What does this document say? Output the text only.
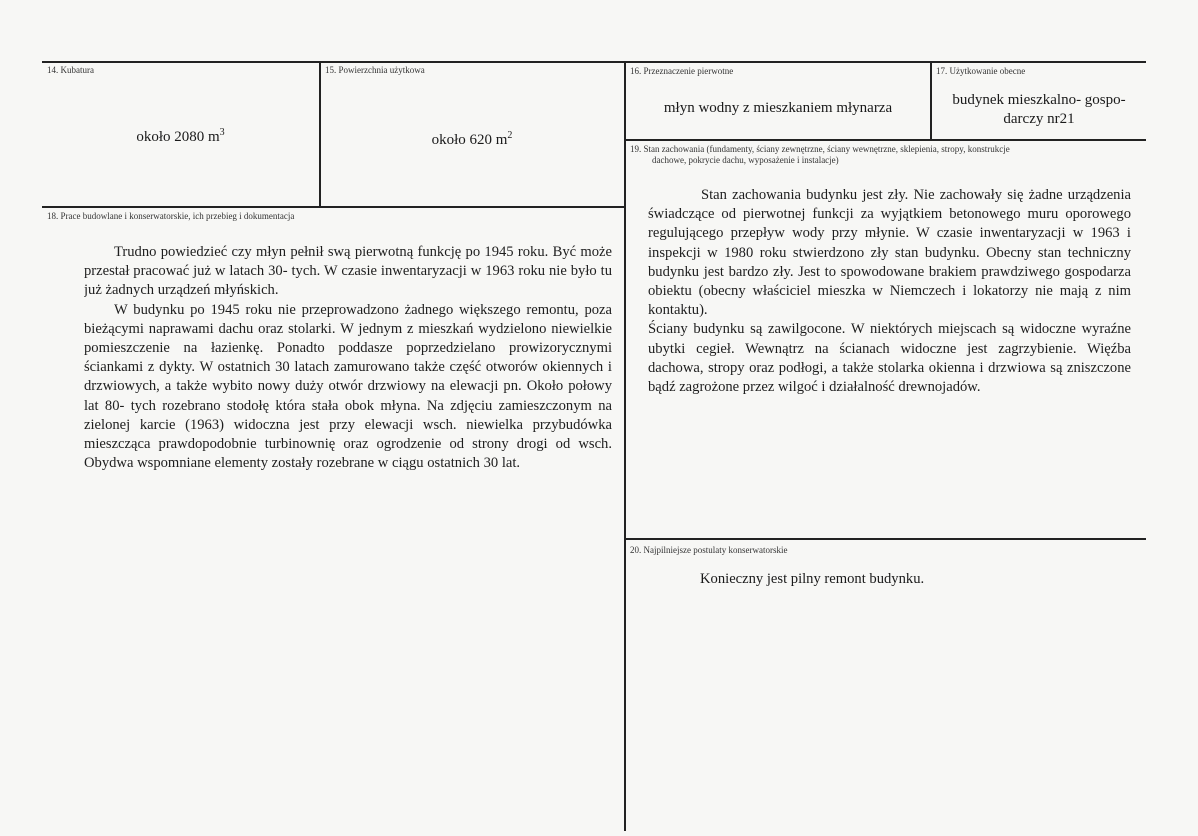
14. Kubatura
około 2080 $m^3$
15. Powierzchnia użytkowa
około 620 $m^2$
16. Przeznaczenie pierwotne
młyn wodny z mieszkaniem młynarza
17. Użytkowanie obecne
budynek mieszkalno- gospo-
darczy nr21
19. Stan zachowania (fundamenty, ściany zewnętrzne, ściany wewnętrzne, sklepienia, stropy, konstrukcje
dachowe, pokrycie dachu, wyposażenie i instalacje)

Stan zachowania budynku jest zły. Nie zachowały się żadne urządzenia świadczące od pierwotnej funkcji za wyjątkiem betonowego muru oporowego regulującego przepływ wody przy młynie. W czasie inwentaryzacji w 1963 i inspekcji w 1980 roku stwierdzono zły stan budynku. Obecny stan techniczny budynku jest bardzo zły. Jest to spowodowane brakiem prawdziwego gospodarza obiektu (obecny właściciel mieszka w Niemczech i lokatorzy nie mają z nim kontaktu).

Ściany budynku są zawilgocone. W niektórych miejscach są widoczne wyraźne ubytki cegieł. Wewnątrz na ścianach widoczne jest zagrzybienie. Więźba dachowa, stropy oraz podłogi, a także stolarka okienna i drzwiowa są zniszczone bądź zagrożone przez wilgoć i działalność drewnojadów.

18. Prace budowlane i konserwatorskie, ich przebieg i dokumentacja

Trudno powiedzieć czy młyn pełnił swą pierwotną funkcję po 1945 roku. Być może przestał pracować już w latach 30- tych. W czasie inwentaryzacji w 1963 roku nie było tu już żadnych urządzeń młyńskich.

W budynku po 1945 roku nie przeprowadzono żadnego większego remontu, poza bieżącymi naprawami dachu oraz stolarki. W jednym z mieszkań wydzielono niewielkie pomieszczenie na łazienkę. Ponadto poddasze poprzedzielano prowizorycznymi ściankami z dykty. W ostatnich 30 latach zamurowano także część otworów okiennych i drzwiowych, a także wybito nowy duży otwór drzwiowy na elewacji pn. Około połowy lat 80- tych rozebrano stodołę która stała obok młyna. Na zdjęciu zamieszczonym na zielonej karcie (1963) widoczna jest przy elewacji wsch. niewielka przybudówka mieszcząca prawdopodobnie turbinownię oraz ogrodzenie od strony drogi od wsch. Obydwa wspomniane elementy zostały rozebrane w ciągu ostatnich 30 lat.

20. Najpilniejsze postulaty konserwatorskie
Konieczny jest pilny remont budynku.
